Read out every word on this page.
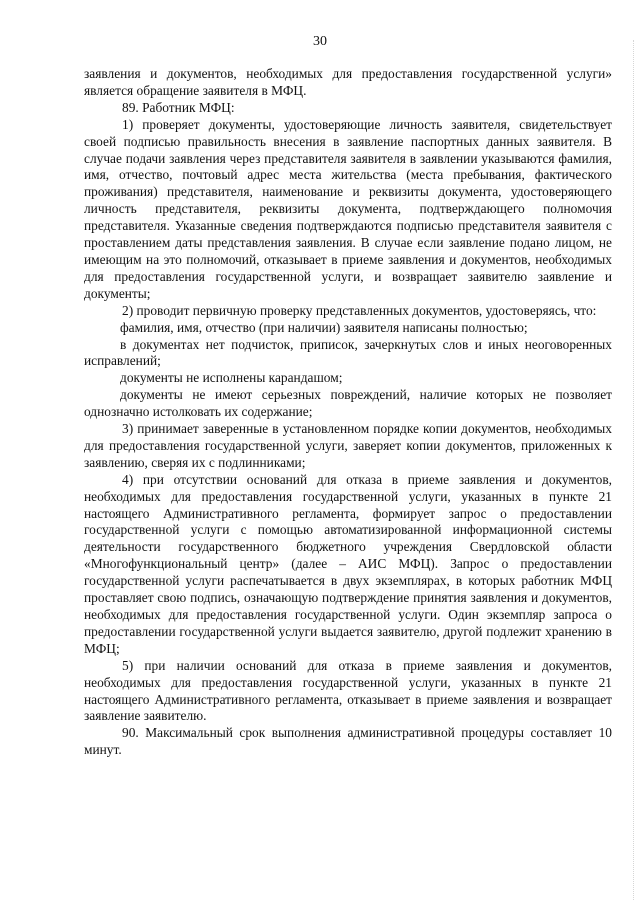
30

заявления и документов, необходимых для предоставления государственной услуги» является обращение заявителя в МФЦ.

89. Работник МФЦ:

1) проверяет документы, удостоверяющие личность заявителя, свидетельствует своей подписью правильность внесения в заявление паспортных данных заявителя. В случае подачи заявления через представителя заявителя в заявлении указываются фамилия, имя, отчество, почтовый адрес места жительства (места пребывания, фактического проживания) представителя, наименование и реквизиты документа, удостоверяющего личность представителя, реквизиты документа, подтверждающего полномочия представителя. Указанные сведения подтверждаются подписью представителя заявителя с проставлением даты представления заявления. В случае если заявление подано лицом, не имеющим на это полномочий, отказывает в приеме заявления и документов, необходимых для предоставления государственной услуги, и возвращает заявителю заявление и документы;

2) проводит первичную проверку представленных документов, удостоверяясь, что:

фамилия, имя, отчество (при наличии) заявителя написаны полностью;

в документах нет подчисток, приписок, зачеркнутых слов и иных неоговоренных исправлений;

документы не исполнены карандашом;

документы не имеют серьезных повреждений, наличие которых не позволяет однозначно истолковать их содержание;

3) принимает заверенные в установленном порядке копии документов, необходимых для предоставления государственной услуги, заверяет копии документов, приложенных к заявлению, сверяя их с подлинниками;

4) при отсутствии оснований для отказа в приеме заявления и документов, необходимых для предоставления государственной услуги, указанных в пункте 21 настоящего Административного регламента, формирует запрос о предоставлении государственной услуги с помощью автоматизированной информационной системы деятельности государственного бюджетного учреждения Свердловской области «Многофункциональный центр» (далее – АИС МФЦ). Запрос о предоставлении государственной услуги распечатывается в двух экземплярах, в которых работник МФЦ проставляет свою подпись, означающую подтверждение принятия заявления и документов, необходимых для предоставления государственной услуги. Один экземпляр запроса о предоставлении государственной услуги выдается заявителю, другой подлежит хранению в МФЦ;

5) при наличии оснований для отказа в приеме заявления и документов, необходимых для предоставления государственной услуги, указанных в пункте 21 настоящего Административного регламента, отказывает в приеме заявления и возвращает заявление заявителю.

90. Максимальный срок выполнения административной процедуры составляет 10 минут.
